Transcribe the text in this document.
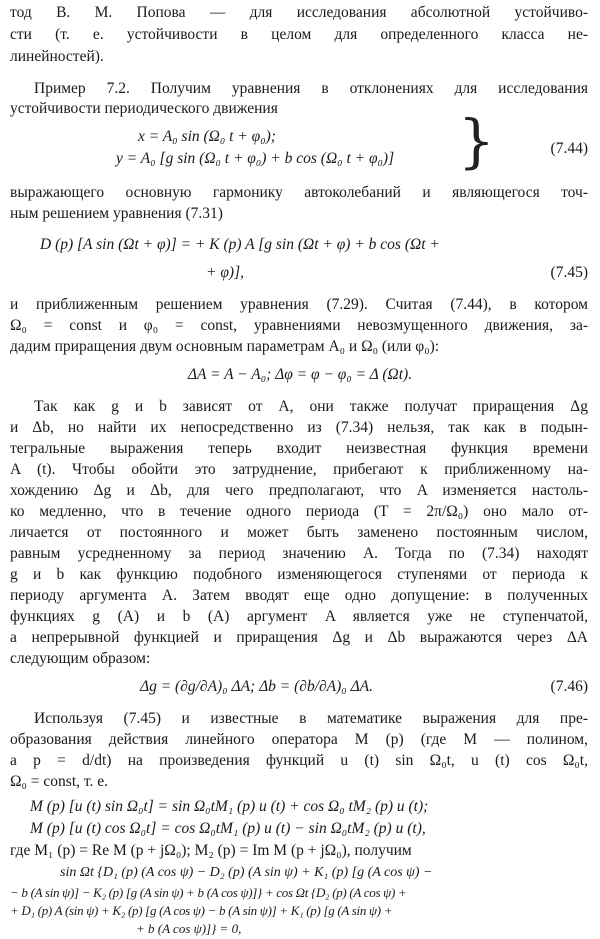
тод В. М. Попова — для исследования абсолютной устойчиво-
сти (т. е. устойчивости в целом для определенного класса не-
линейностей).
Пример 7.2. Получим уравнения в отклонениях для исследования
устойчивости периодического движения
x = A₀ sin (Ω₀ t + φ₀);
y = A₀ [g sin (Ω₀ t + φ₀) + b cos (Ω₀ t + φ₀)] }	(7.44)
выражающего основную гармонику автоколебаний и являющегося точ-
ным решением уравнения (7.31)
D (p) [A sin (Ωt + φ)] = + K (p) A [g sin (Ωt + φ) + b cos (Ωt +
+ φ)],	(7.45)
и приближенным решением уравнения (7.29). Считая (7.44), в котором
Ω₀ = const и φ₀ = const, уравнениями невозмущенного движения, за-
дадим приращения двум основным параметрам A₀ и Ω₀ (или φ₀):
ΔA = A − A₀; Δφ = φ − φ₀ = Δ (Ωt).
Так как g и b зависят от A, они также получат приращения Δg
и Δb, но найти их непосредственно из (7.34) нельзя, так как в подын-
тегральные выражения теперь входит неизвестная функция времени
A (t). Чтобы обойти это затруднение, прибегают к приближенному на-
хождению Δg и Δb, для чего предполагают, что A изменяется настоль-
ко медленно, что в течение одного периода (T = 2π/Ω₀) оно мало от-
личается от постоянного и может быть заменено постоянным числом,
равным усредненному за период значению A. Тогда по (7.34) находят
g и b как функцию подобного изменяющегося ступенями от периода к
периоду аргумента A. Затем вводят еще одно допущение: в полученных
функциях g (A) и b (A) аргумент A является уже не ступенчатой,
а непрерывной функцией и приращения Δg и Δb выражаются через ΔA
следующим образом:
Δg = (∂g/∂A)₀ ΔA; Δb = (∂b/∂A)₀ ΔA.	(7.46)
Используя (7.45) и известные в математике выражения для пре-
образования действия линейного оператора M (p) (где M — полином,
а p = d/dt) на произведения функций u (t) sin Ω₀t, u (t) cos Ω₀t,
Ω₀ = const, т. е.
M (p) [u (t) sin Ω₀t] = sin Ω₀tM₁ (p) u (t) + cos Ω₀ tM₂ (p) u (t);
M (p) [u (t) cos Ω₀t] = cos Ω₀tM₁ (p) u (t) − sin Ω₀tM₂ (p) u (t),
где M₁ (p) = Re M (p + jΩ₀); M₂ (p) = Im M (p + jΩ₀), получим
sin Ωt {D₁ (p) (A cos ψ) − D₂ (p) (A sin ψ) + K₁ (p) [g (A cos ψ) −
− b (A sin ψ)] − K₂ (p) [g (A sin ψ) + b (A cos ψ)]} + cos Ωt {D₂ (p) (A cos ψ) +
+ D₁ (p) A (sin ψ) + K₂ (p) [g (A cos ψ) − b (A sin ψ)] + K₁ (p) [g (A sin ψ) +
+ b (A cos ψ)]} = 0,
